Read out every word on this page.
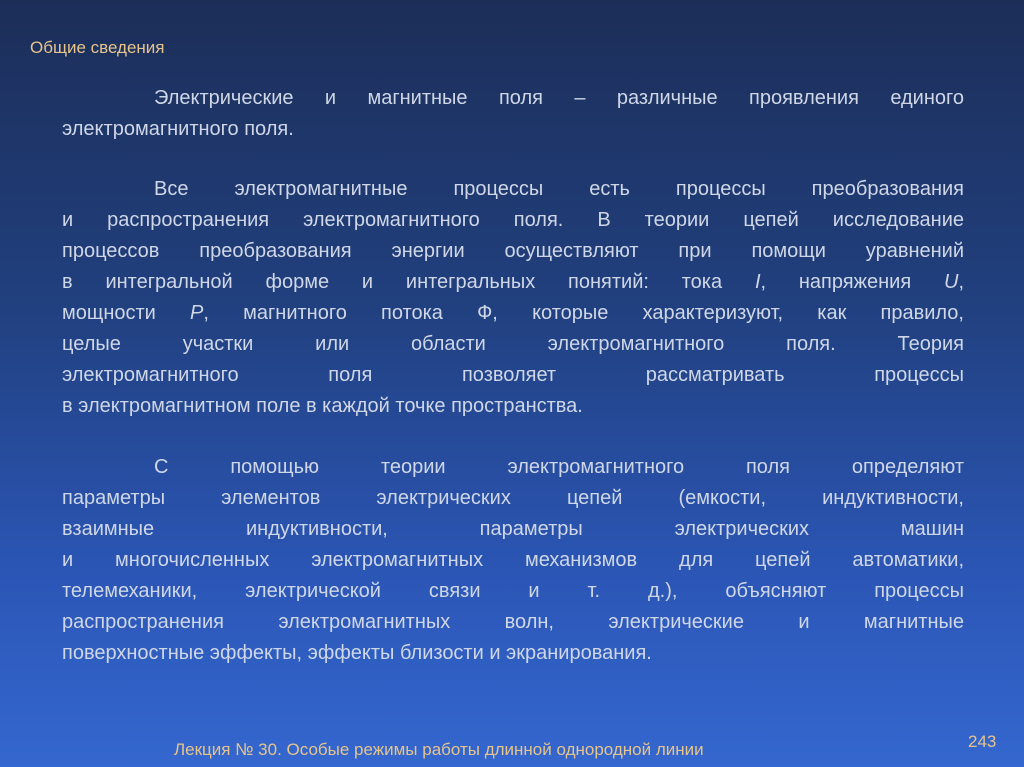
Общие сведения
Электрические и магнитные поля – различные проявления единого
электромагнитного поля.
Все электромагнитные процессы есть процессы преобразования
и распространения электромагнитного поля. В теории цепей исследование
процессов преобразования энергии осуществляют при помощи уравнений
в интегральной форме и интегральных понятий: тока I, напряжения U,
мощности P, магнитного потока Ф, которые характеризуют, как правило,
целые участки или области электромагнитного поля. Теория
электромагнитного поля позволяет рассматривать процессы
в электромагнитном поле в каждой точке пространства.
С помощью теории электромагнитного поля определяют
параметры элементов электрических цепей (емкости, индуктивности,
взаимные индуктивности, параметры электрических машин
и многочисленных электромагнитных механизмов для цепей автоматики,
телемеханики, электрической связи и т. д.), объясняют процессы
распространения электромагнитных волн, электрические и магнитные
поверхностные эффекты, эффекты близости и экранирования.
Лекция № 30. Особые режимы работы длинной однородной линии	243
